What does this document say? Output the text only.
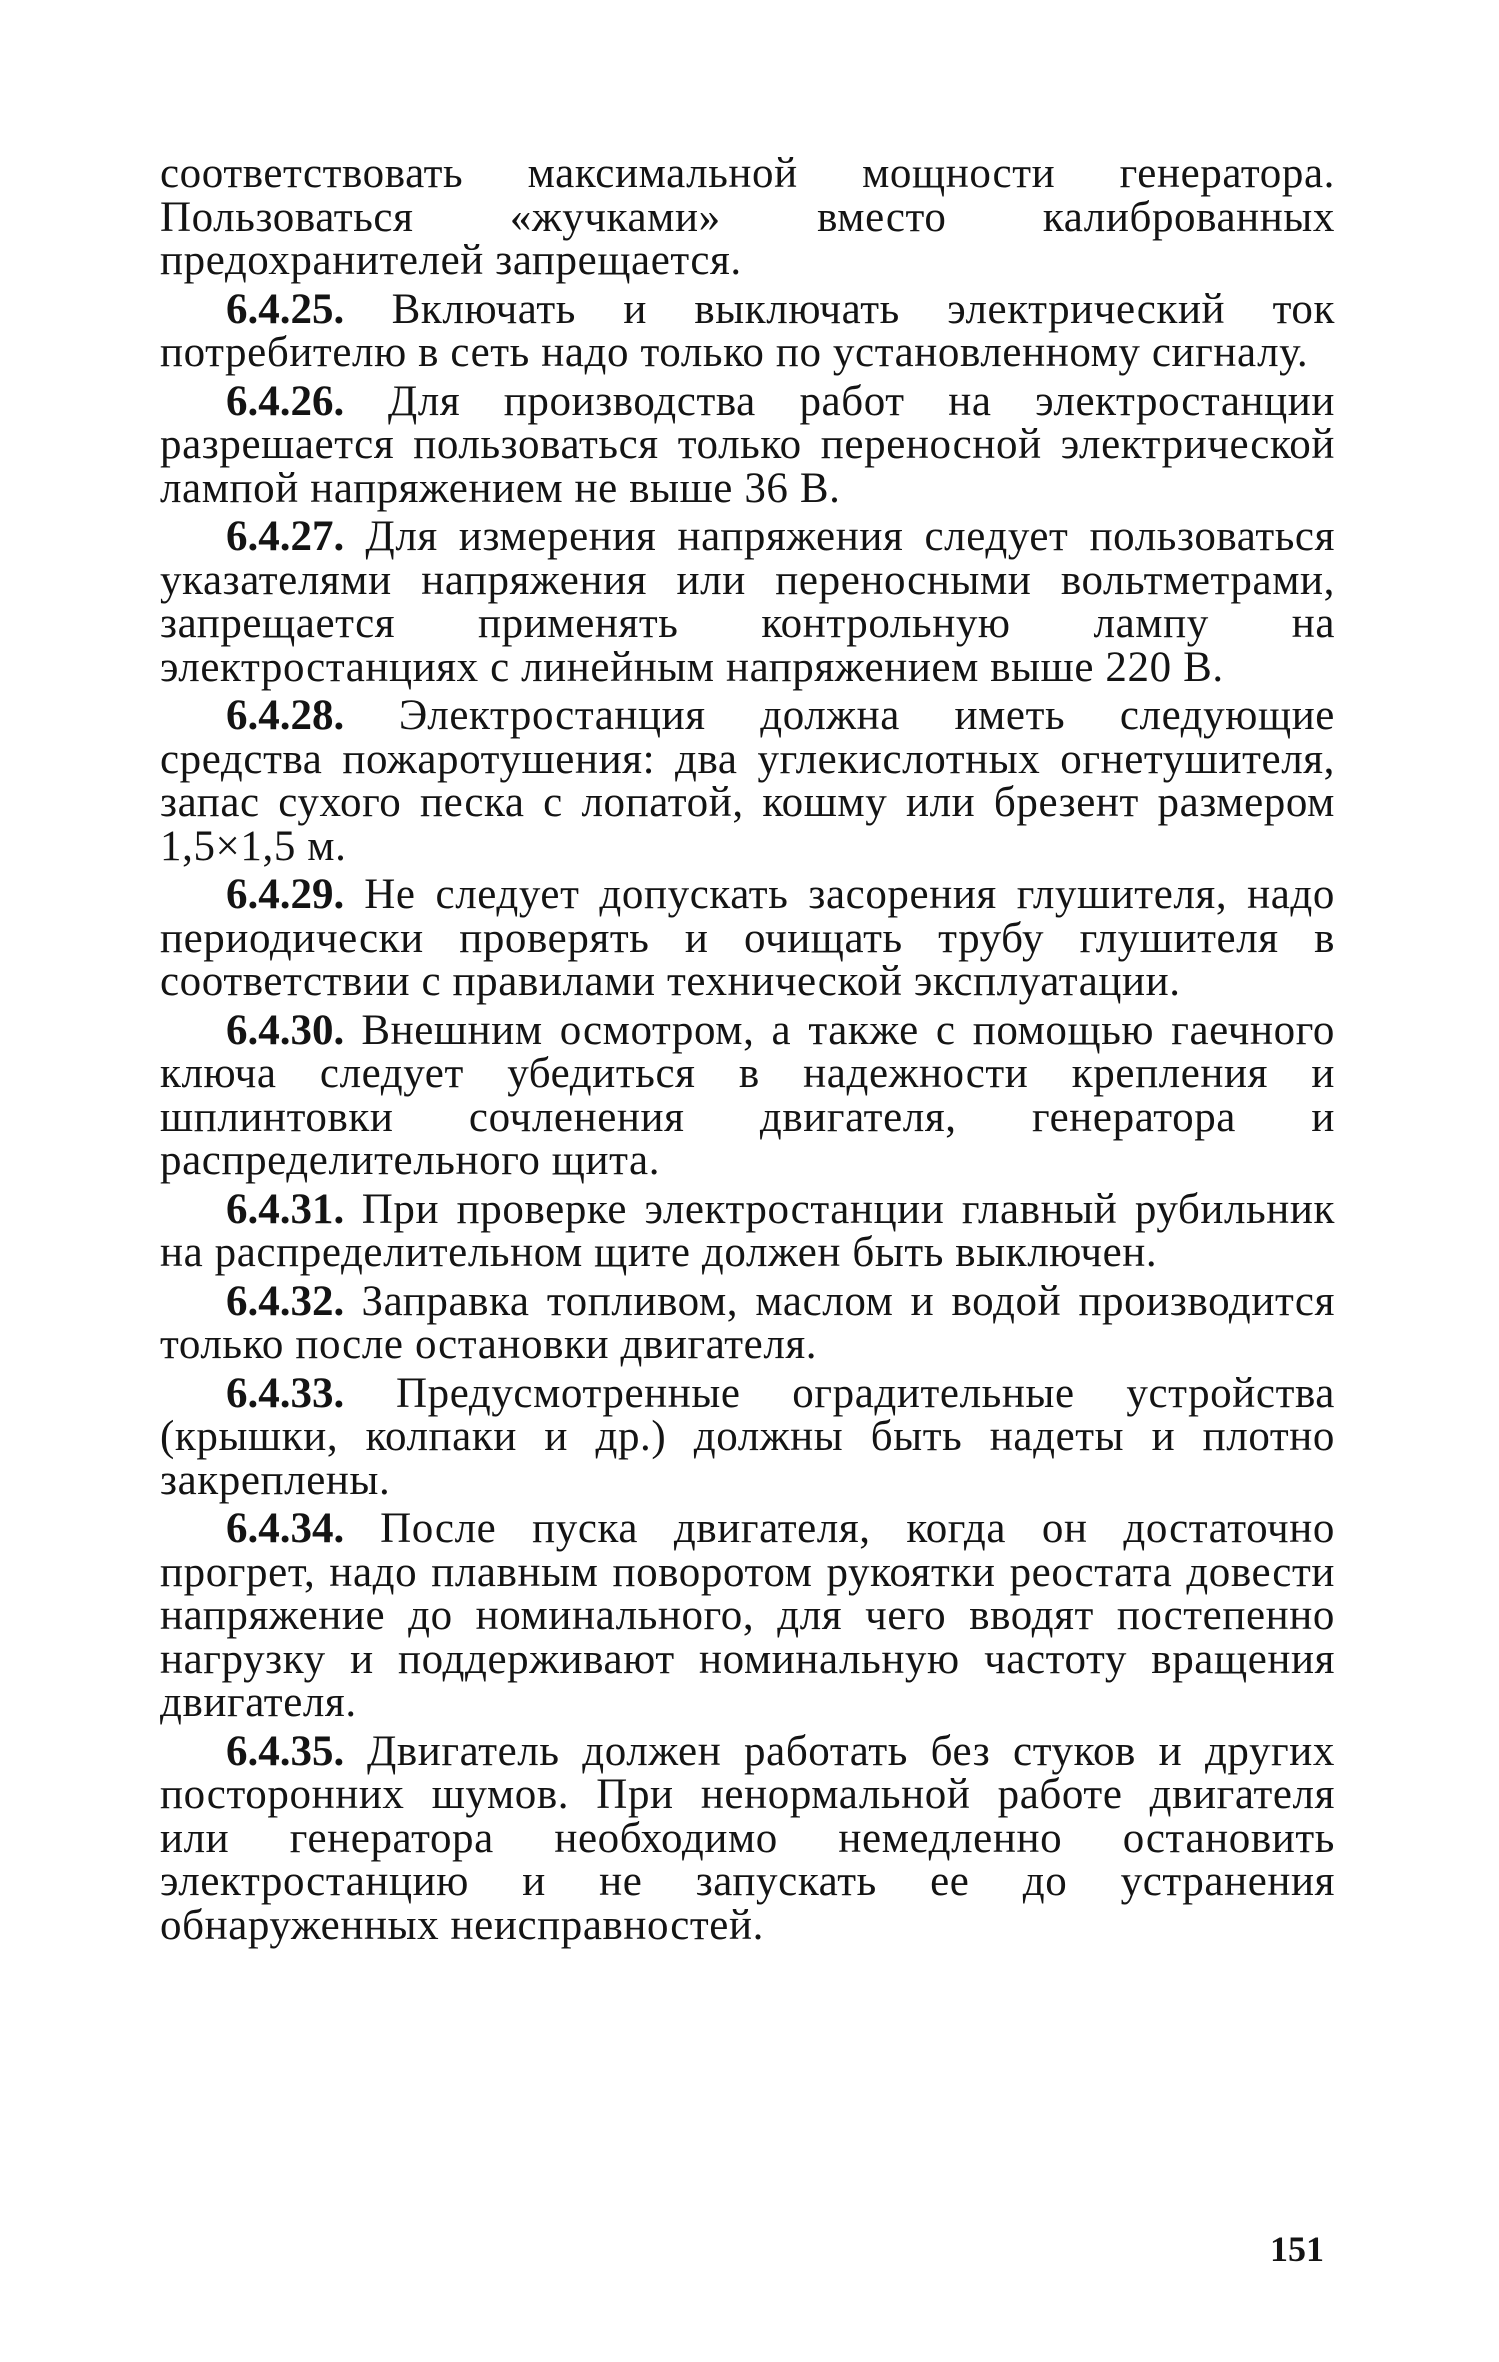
соответствовать максимальной мощности генератора. Пользоваться «жучками» вместо калиброванных предохранителей запрещается.

6.4.25. Включать и выключать электрический ток потребителю в сеть надо только по установленному сигналу.

6.4.26. Для производства работ на электростанции разрешается пользоваться только переносной электрической лампой напряжением не выше 36 В.

6.4.27. Для измерения напряжения следует пользоваться указателями напряжения или переносными вольтметрами, запрещается применять контрольную лампу на электростанциях с линейным напряжением выше 220 В.

6.4.28. Электростанция должна иметь следующие средства пожаротушения: два углекислотных огнетушителя, запас сухого песка с лопатой, кошму или брезент размером 1,5×1,5 м.

6.4.29. Не следует допускать засорения глушителя, надо периодически проверять и очищать трубу глушителя в соответствии с правилами технической эксплуатации.

6.4.30. Внешним осмотром, а также с помощью гаечного ключа следует убедиться в надежности крепления и шплинтовки сочленения двигателя, генератора и распределительного щита.

6.4.31. При проверке электростанции главный рубильник на распределительном щите должен быть выключен.

6.4.32. Заправка топливом, маслом и водой производится только после остановки двигателя.

6.4.33. Предусмотренные оградительные устройства (крышки, колпаки и др.) должны быть надеты и плотно закреплены.

6.4.34. После пуска двигателя, когда он достаточно прогрет, надо плавным поворотом рукоятки реостата довести напряжение до номинального, для чего вводят постепенно нагрузку и поддерживают номинальную частоту вращения двигателя.

6.4.35. Двигатель должен работать без стуков и других посторонних шумов. При ненормальной работе двигателя или генератора необходимо немедленно остановить электростанцию и не запускать ее до устранения обнаруженных неисправностей.

151
